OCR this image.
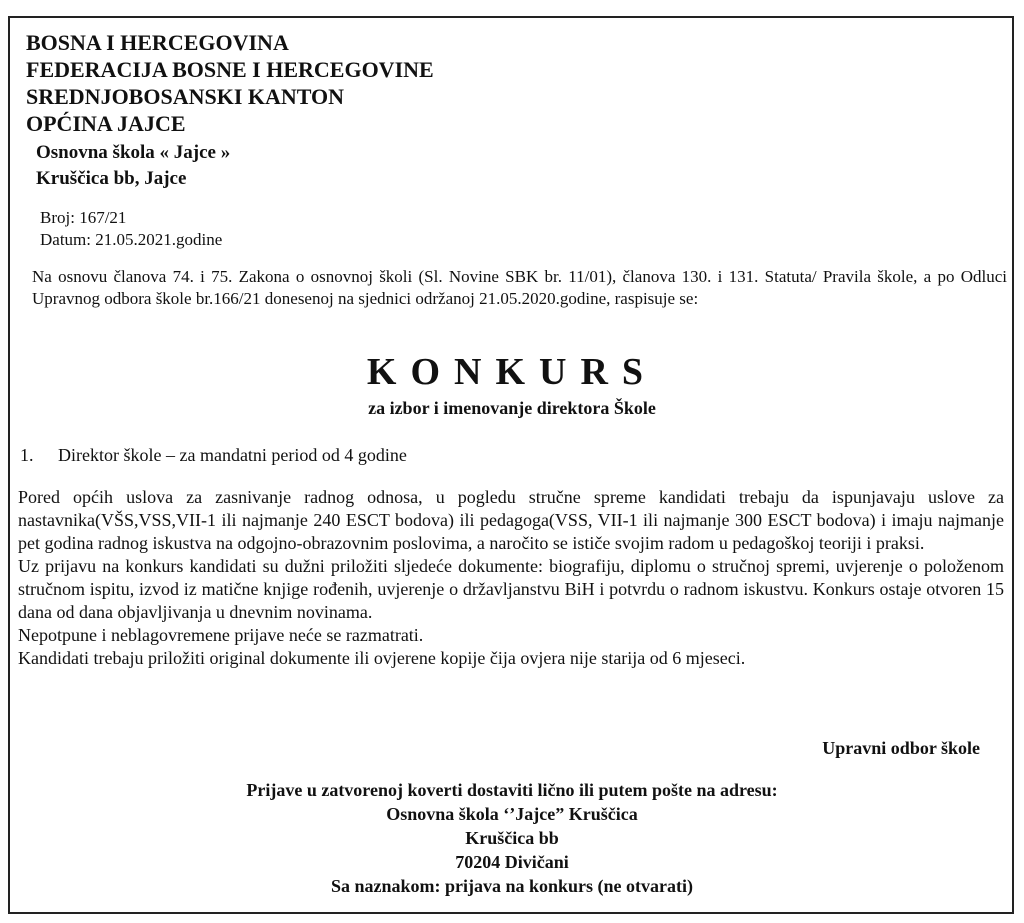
BOSNA I HERCEGOVINA
FEDERACIJA BOSNE I HERCEGOVINE
SREDNJOBOSANSKI KANTON
OPĆINA JAJCE
Osnovna škola « Jajce »
Kruščica bb, Jajce
Broj: 167/21
Datum: 21.05.2021.godine
Na osnovu članova 74. i 75. Zakona o osnovnoj školi (Sl. Novine SBK br. 11/01), članova 130. i 131. Statuta/ Pravila škole, a po Odluci Upravnog odbora škole br.166/21 donesenoj na sjednici održanoj 21.05.2020.godine, raspisuje se:
KONKURS
za izbor i imenovanje direktora Škole
1. Direktor škole – za mandatni period od 4 godine

Pored općih uslova za zasnivanje radnog odnosa, u pogledu stručne spreme kandidati trebaju da ispunjavaju uslove za nastavnika(VŠS,VSS,VII-1 ili najmanje 240 ESCT bodova) ili pedagoga(VSS, VII-1 ili najmanje 300 ESCT bodova) i imaju najmanje pet godina radnog iskustva na odgojno-obrazovnim poslovima, a naročito se ističe svojim radom u pedagoškoj teoriji i praksi.

Uz prijavu na konkurs kandidati su dužni priložiti sljedeće dokumente: biografiju, diplomu o stručnoj spremi, uvjerenje o položenom stručnom ispitu, izvod iz matične knjige rođenih, uvjerenje o državljanstvu BiH i potvrdu o radnom iskustvu. Konkurs ostaje otvoren 15 dana od dana objavljivanja u dnevnim novinama.

Nepotpune i neblagovremene prijave neće se razmatrati.

Kandidati trebaju priložiti original dokumente ili ovjerene kopije čija ovjera nije starija od 6 mjeseci.

Upravni odbor škole
Prijave u zatvorenoj koverti dostaviti lično ili putem pošte na adresu:
Osnovna škola ‘’Jajce” Kruščica
Kruščica bb
70204 Divičani
Sa naznakom: prijava na konkurs (ne otvarati)
